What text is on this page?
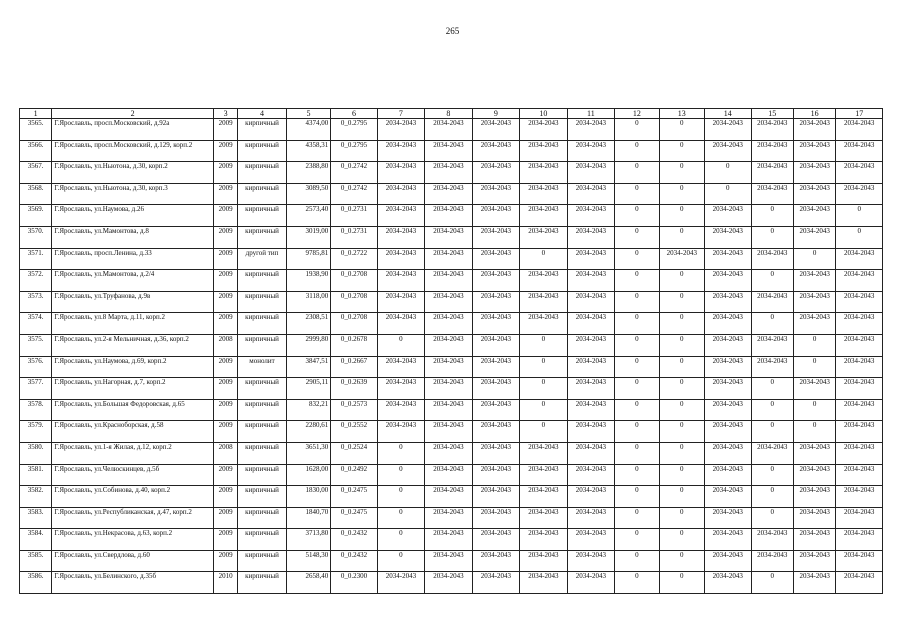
265
1	2	3	4	5	6	7	8	9	10	11	12	13	14	15	16	17
3565.	Г.Ярославль, просп.Московский, д.92а	2009	кирпичный	4374,00	0_0.2795	2034-2043	2034-2043	2034-2043	2034-2043	2034-2043	0	0	2034-2043	2034-2043	2034-2043	2034-2043
3566.	Г.Ярославль, просп.Московский, д.129, корп.2	2009	кирпичный	4358,31	0_0.2795	2034-2043	2034-2043	2034-2043	2034-2043	2034-2043	0	0	2034-2043	2034-2043	2034-2043	2034-2043
3567.	Г.Ярославль, ул.Ньютона, д.30, корп.2	2009	кирпичный	2388,80	0_0.2742	2034-2043	2034-2043	2034-2043	2034-2043	2034-2043	0	0	0	2034-2043	2034-2043	2034-2043
3568.	Г.Ярославль, ул.Ньютона, д.30, корп.3	2009	кирпичный	3089,50	0_0.2742	2034-2043	2034-2043	2034-2043	2034-2043	2034-2043	0	0	0	2034-2043	2034-2043	2034-2043
3569.	Г.Ярославль, ул.Наумова, д.26	2009	кирпичный	2573,40	0_0.2731	2034-2043	2034-2043	2034-2043	2034-2043	2034-2043	0	0	2034-2043	0	2034-2043	0
3570.	Г.Ярославль, ул.Мамонтова, д.8	2009	кирпичный	3019,00	0_0.2731	2034-2043	2034-2043	2034-2043	2034-2043	2034-2043	0	0	2034-2043	0	2034-2043	0
3571.	Г.Ярославль, просп.Ленина, д.33	2009	другой тип	9785,81	0_0.2722	2034-2043	2034-2043	2034-2043	0	2034-2043	0	2034-2043	2034-2043	2034-2043	0	2034-2043
3572.	Г.Ярославль, ул.Мамонтова, д.2/4	2009	кирпичный	1938,90	0_0.2708	2034-2043	2034-2043	2034-2043	2034-2043	2034-2043	0	0	2034-2043	0	2034-2043	2034-2043
3573.	Г.Ярославль, ул.Труфанова, д.9в	2009	кирпичный	3118,00	0_0.2708	2034-2043	2034-2043	2034-2043	2034-2043	2034-2043	0	0	2034-2043	2034-2043	2034-2043	2034-2043
3574.	Г.Ярославль, ул.8 Марта, д.11, корп.2	2009	кирпичный	2308,51	0_0.2708	2034-2043	2034-2043	2034-2043	2034-2043	2034-2043	0	0	2034-2043	0	2034-2043	2034-2043
3575.	Г.Ярославль, ул.2-я Мельничная, д.36, корп.2	2008	кирпичный	2999,80	0_0.2678	0	2034-2043	2034-2043	0	2034-2043	0	0	2034-2043	2034-2043	0	2034-2043
3576.	Г.Ярославль, ул.Наумова, д.69, корп.2	2009	монолит	3847,51	0_0.2667	2034-2043	2034-2043	2034-2043	0	2034-2043	0	0	2034-2043	2034-2043	0	2034-2043
3577.	Г.Ярославль, ул.Нагорная, д.7, корп.2	2009	кирпичный	2905,11	0_0.2639	2034-2043	2034-2043	2034-2043	0	2034-2043	0	0	2034-2043	0	2034-2043	2034-2043
3578.	Г.Ярославль, ул.Большая Федоровская, д.65	2009	кирпичный	832,21	0_0.2573	2034-2043	2034-2043	2034-2043	0	2034-2043	0	0	2034-2043	0	0	2034-2043
3579.	Г.Ярославль, ул.Красноборская, д.58	2009	кирпичный	2280,61	0_0.2552	2034-2043	2034-2043	2034-2043	0	2034-2043	0	0	2034-2043	0	0	2034-2043
3580.	Г.Ярославль, ул.1-я Жилая, д.12, корп.2	2008	кирпичный	3651,30	0_0.2524	0	2034-2043	2034-2043	2034-2043	2034-2043	0	0	2034-2043	2034-2043	2034-2043	2034-2043
3581.	Г.Ярославль, ул.Челюскинцев, д.5б	2009	кирпичный	1628,00	0_0.2492	0	2034-2043	2034-2043	2034-2043	2034-2043	0	0	2034-2043	0	2034-2043	2034-2043
3582.	Г.Ярославль, ул.Собинова, д.40, корп.2	2009	кирпичный	1830,00	0_0.2475	0	2034-2043	2034-2043	2034-2043	2034-2043	0	0	2034-2043	0	2034-2043	2034-2043
3583.	Г.Ярославль, ул.Республиканская, д.47, корп.2	2009	кирпичный	1840,70	0_0.2475	0	2034-2043	2034-2043	2034-2043	2034-2043	0	0	2034-2043	0	2034-2043	2034-2043
3584.	Г.Ярославль, ул.Некрасова, д.63, корп.2	2009	кирпичный	3713,80	0_0.2432	0	2034-2043	2034-2043	2034-2043	2034-2043	0	0	2034-2043	2034-2043	2034-2043	2034-2043
3585.	Г.Ярославль, ул.Свердлова, д.60	2009	кирпичный	5148,30	0_0.2432	0	2034-2043	2034-2043	2034-2043	2034-2043	0	0	2034-2043	2034-2043	2034-2043	2034-2043
3586.	Г.Ярославль, ул.Белинского, д.35б	2010	кирпичный	2658,40	0_0.2300	2034-2043	2034-2043	2034-2043	2034-2043	2034-2043	0	0	2034-2043	0	2034-2043	2034-2043
